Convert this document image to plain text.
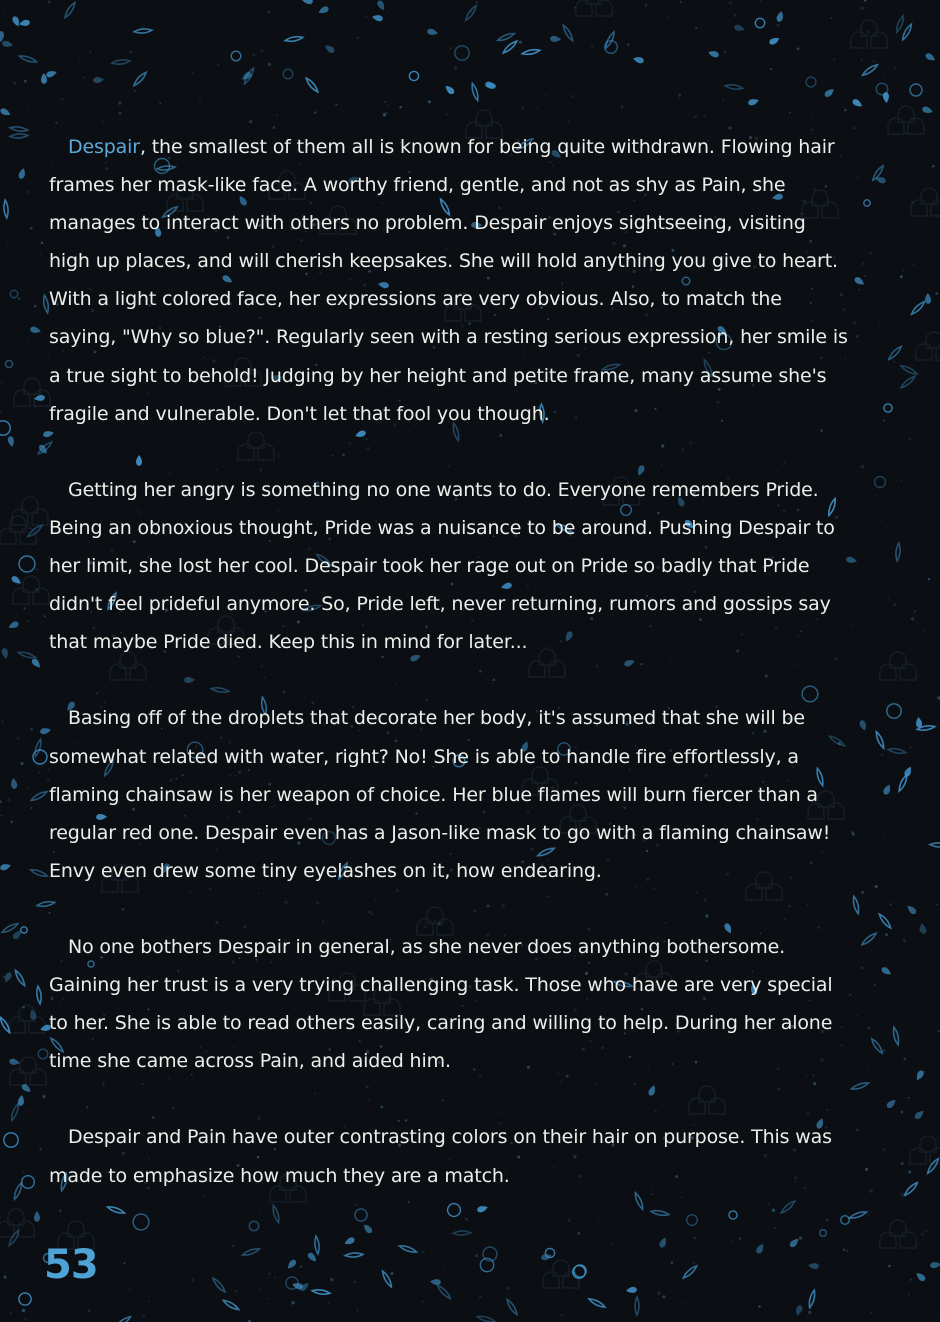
Despair, the smallest of them all is known for being quite withdrawn. Flowing hair frames her mask-like face. A worthy friend, gentle, and not as shy as Pain, she manages to interact with others no problem. Despair enjoys sightseeing, visiting high up places, and will cherish keepsakes. She will hold anything you give to heart. With a light colored face, her expressions are very obvious. Also, to match the saying, "Why so blue?". Regularly seen with a resting serious expression, her smile is a true sight to behold! Judging by her height and petite frame, many assume she's fragile and vulnerable. Don't let that fool you though.

Getting her angry is something no one wants to do. Everyone remembers Pride. Being an obnoxious thought, Pride was a nuisance to be around. Pushing Despair to her limit, she lost her cool. Despair took her rage out on Pride so badly that Pride didn't feel prideful anymore. So, Pride left, never returning, rumors and gossips say that maybe Pride died. Keep this in mind for later...

Basing off of the droplets that decorate her body, it's assumed that she will be somewhat related with water, right? No! She is able to handle fire effortlessly, a flaming chainsaw is her weapon of choice. Her blue flames will burn fiercer than a regular red one. Despair even has a Jason-like mask to go with a flaming chainsaw! Envy even drew some tiny eyelashes on it, how endearing.

No one bothers Despair in general, as she never does anything bothersome. Gaining her trust is a very trying challenging task. Those who have are very special to her. She is able to read others easily, caring and willing to help. During her alone time she came across Pain, and aided him.

Despair and Pain have outer contrasting colors on their hair on purpose. This was made to emphasize how much they are a match.

53
